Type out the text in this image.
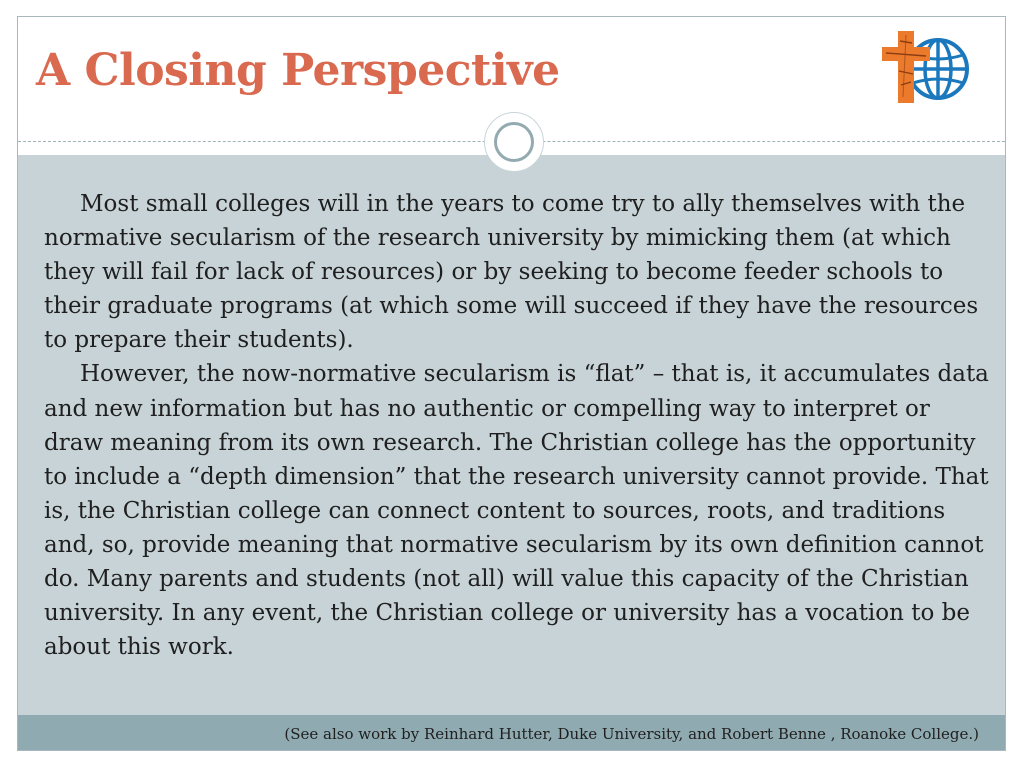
A Closing Perspective

Most small colleges will in the years to come try to ally themselves with the normative secularism of the research university by mimicking them (at which they will fail for lack of resources) or by seeking to become feeder schools to their graduate programs (at which some will succeed if they have the resources to prepare their students).

However, the now-normative secularism is “flat” – that is, it accumulates data and new information but has no authentic or compelling way to interpret or draw meaning from its own research. The Christian college has the opportunity to include a “depth dimension” that the research university cannot provide. That is, the Christian college can connect content to sources, roots, and traditions and, so, provide meaning that normative secularism by its own definition cannot do. Many parents and students (not all) will value this capacity of the Christian university. In any event, the Christian college or university has a vocation to be about this work.

(See also work by Reinhard Hutter, Duke University, and Robert Benne , Roanoke College.)
